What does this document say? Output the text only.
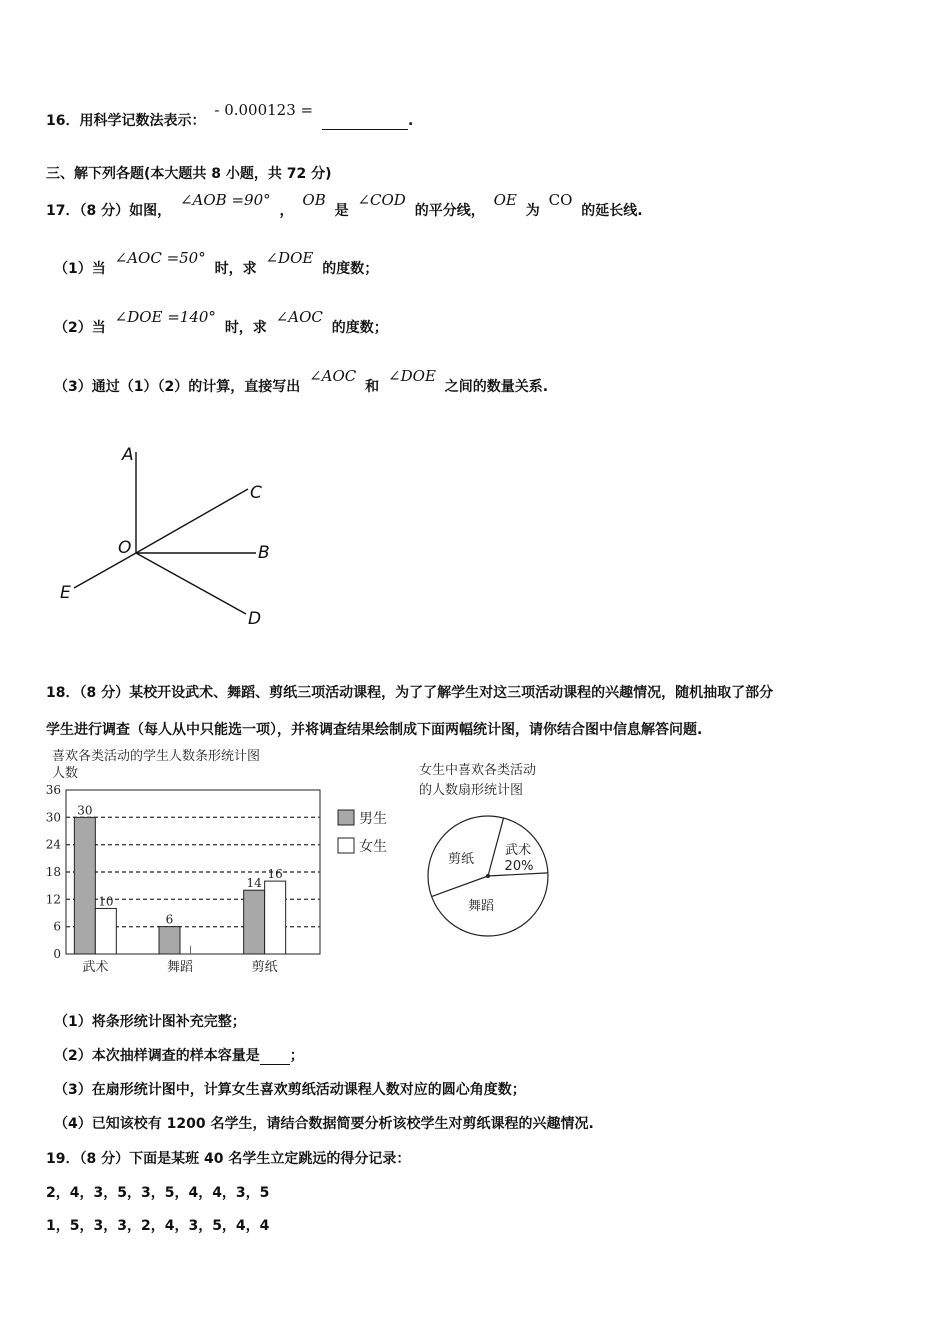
16．用科学记数法表示： - 0.000123 = .
三、解下列各题(本大题共 8 小题，共 72 分)
17．（8 分）如图， ∠AOB =90° ， OB 是 ∠COD 的平分线， OE 为 CO 的延长线.
（1）当 ∠AOC =50° 时，求 ∠DOE 的度数；
（2）当 ∠DOE =140° 时，求 ∠AOC 的度数；
（3）通过（1）（2）的计算，直接写出 ∠AOC 和 ∠DOE 之间的数量关系.
A
C
O	B
E
D
18．（8 分）某校开设武术、舞蹈、剪纸三项活动课程，为了了解学生对这三项活动课程的兴趣情况，随机抽取了部分
学生进行调查（每人从中只能选一项），并将调查结果绘制成下面两幅统计图，请你结合图中信息解答问题.
喜欢各类活动的学生人数条形统计图
人数
0
6
12
18
24
30
36
30
10
武术
6
舞蹈
14
16
剪纸
男生
女生
女生中喜欢各类活动
的人数扇形统计图
武术
20%
剪纸
舞蹈
（1）将条形统计图补充完整；
（2）本次抽样调查的样本容量是 ；
（3）在扇形统计图中，计算女生喜欢剪纸活动课程人数对应的圆心角度数；
（4）已知该校有 1200 名学生，请结合数据简要分析该校学生对剪纸课程的兴趣情况.
19．（8 分）下面是某班 40 名学生立定跳远的得分记录：
2，4，3，5，3，5，4，4，3，5
1，5，3，3，2，4，3，5，4，4
